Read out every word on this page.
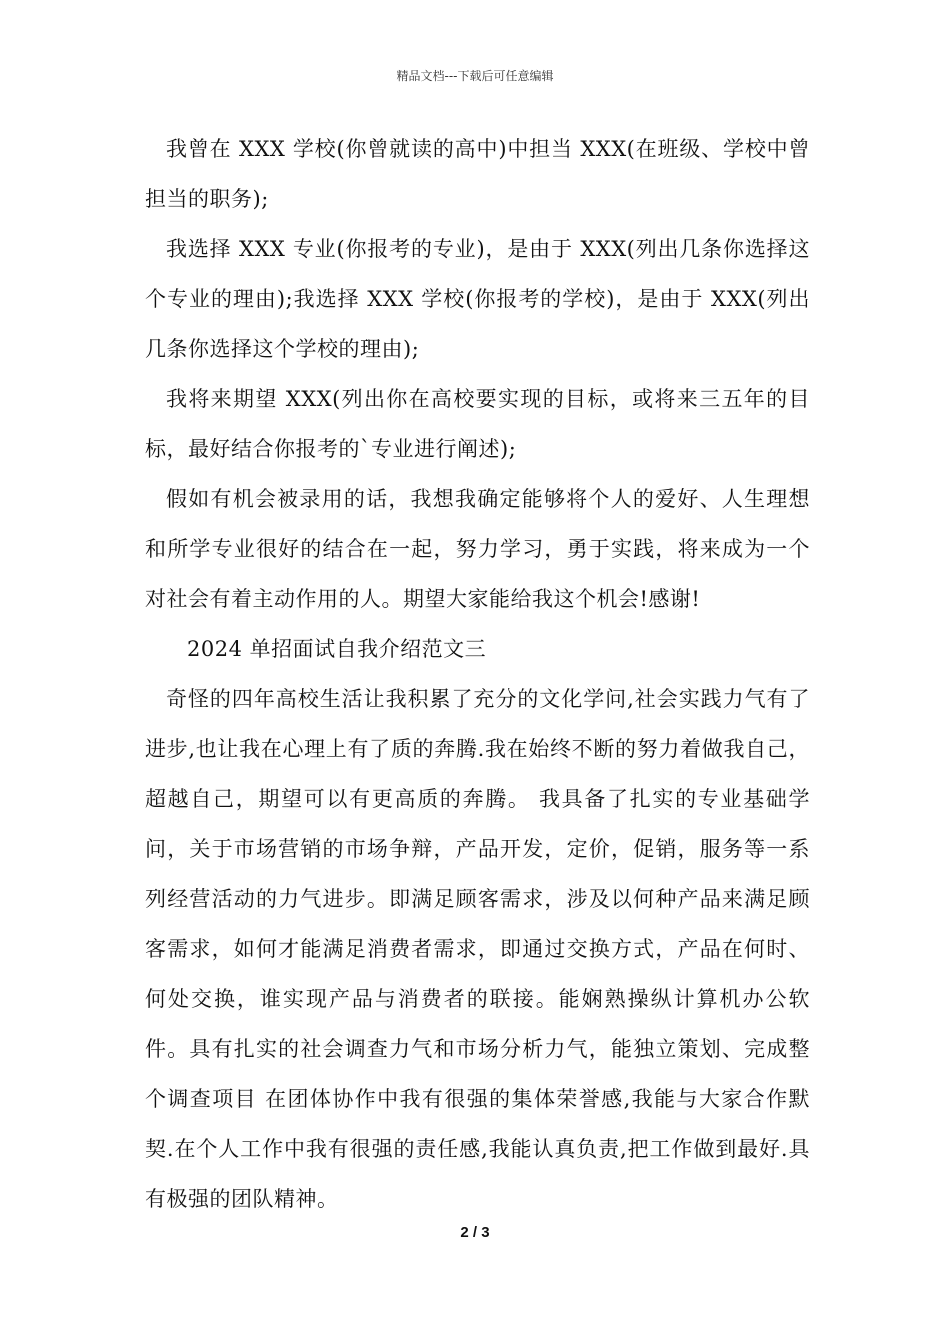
精品文档---下载后可任意编辑

我曾在 XXX 学校(你曾就读的高中)中担当 XXX(在班级、学校中曾担当的职务);

我选择 XXX 专业(你报考的专业)，是由于 XXX(列出几条你选择这个专业的理由);我选择 XXX 学校(你报考的学校)，是由于 XXX(列出几条你选择这个学校的理由);

我将来期望 XXX(列出你在高校要实现的目标，或将来三五年的目标，最好结合你报考的`专业进行阐述);

假如有机会被录用的话，我想我确定能够将个人的爱好、人生理想和所学专业很好的结合在一起，努力学习，勇于实践，将来成为一个对社会有着主动作用的人。期望大家能给我这个机会!感谢!

2024 单招面试自我介绍范文三

奇怪的四年高校生活让我积累了充分的文化学问,社会实践力气有了进步,也让我在心理上有了质的奔腾.我在始终不断的努力着做我自己，超越自己，期望可以有更高质的奔腾。 我具备了扎实的专业基础学问，关于市场营销的市场争辩，产品开发，定价，促销，服务等一系列经营活动的力气进步。即满足顾客需求，涉及以何种产品来满足顾客需求，如何才能满足消费者需求，即通过交换方式，产品在何时、何处交换，谁实现产品与消费者的联接。能娴熟操纵计算机办公软件。具有扎实的社会调查力气和市场分析力气，能独立策划、完成整个调查项目 在团体协作中我有很强的集体荣誉感,我能与大家合作默契.在个人工作中我有很强的责任感,我能认真负责,把工作做到最好.具有极强的团队精神。

2 / 3
